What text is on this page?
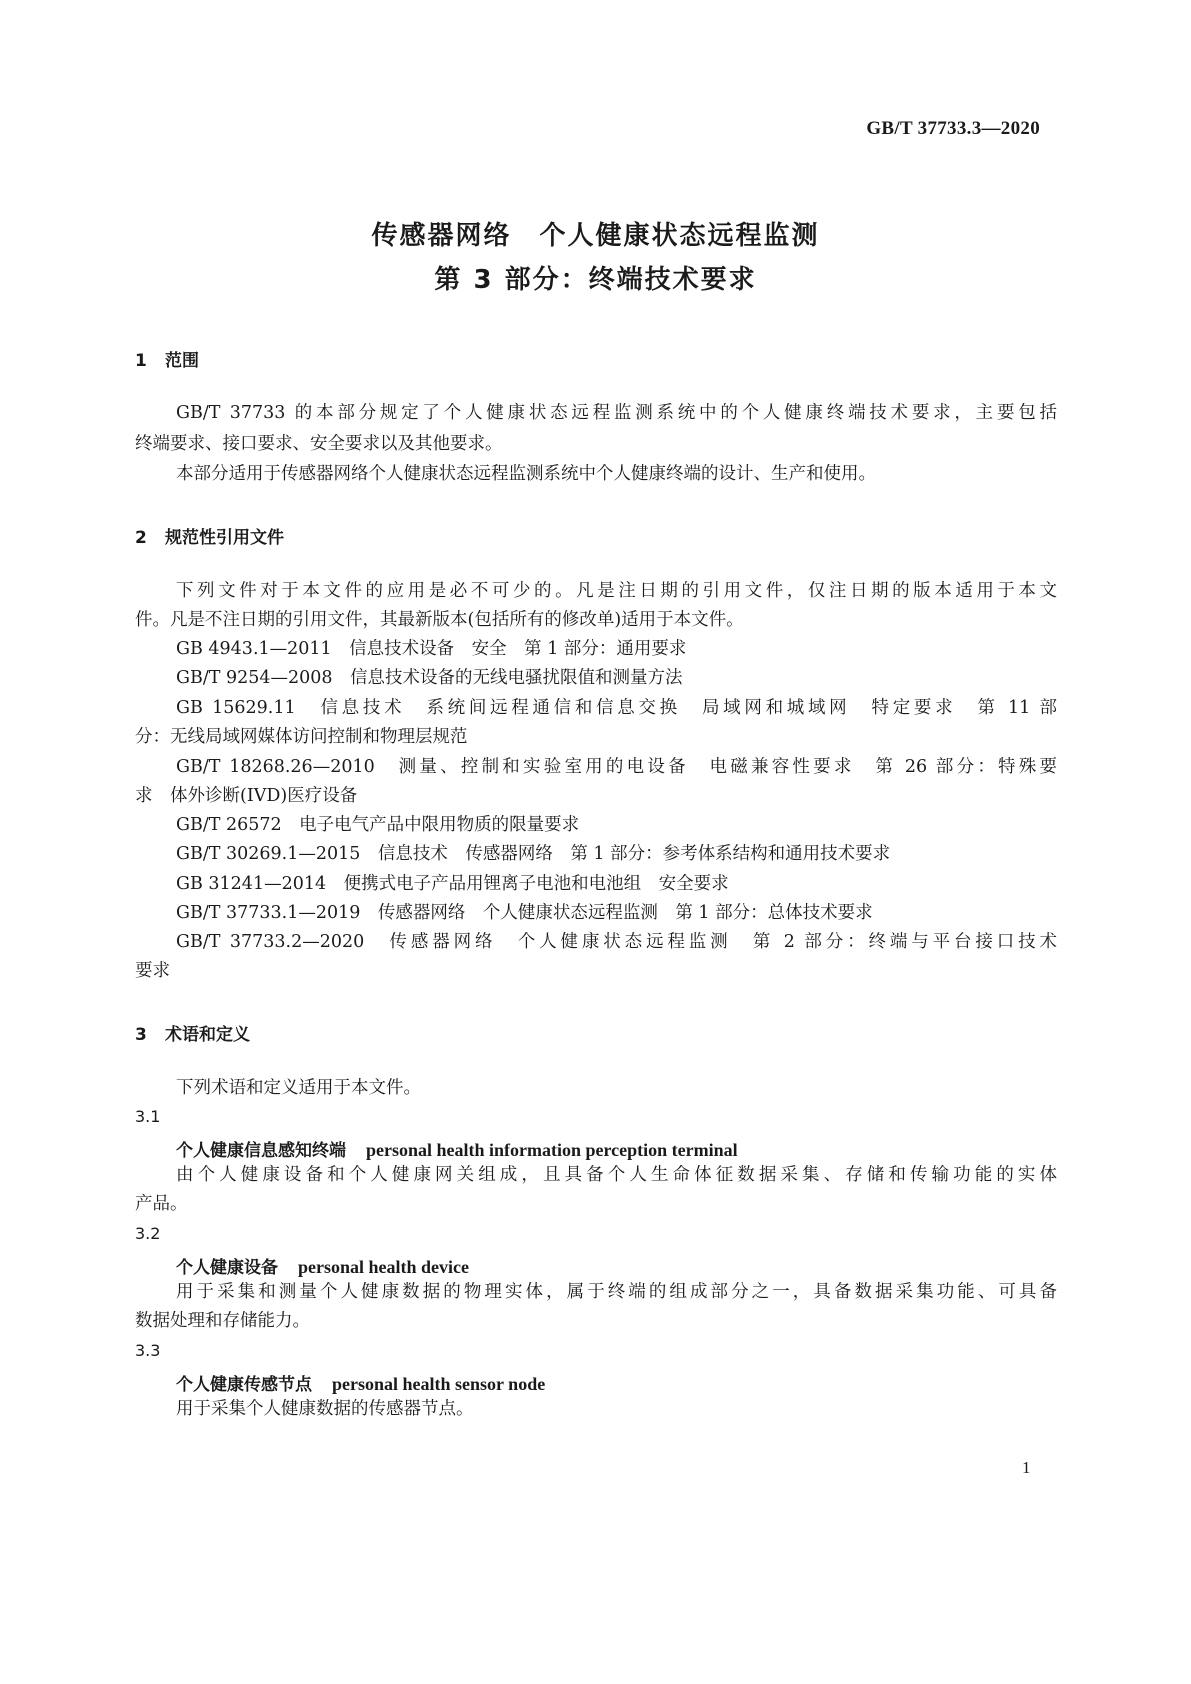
GB/T 37733.3—2020
传感器网络　个人健康状态远程监测
第 3 部分：终端技术要求
1 范围
GB/T 37733 的本部分规定了个人健康状态远程监测系统中的个人健康终端技术要求，主要包括
终端要求、接口要求、安全要求以及其他要求。
本部分适用于传感器网络个人健康状态远程监测系统中个人健康终端的设计、生产和使用。
2 规范性引用文件
下列文件对于本文件的应用是必不可少的。凡是注日期的引用文件，仅注日期的版本适用于本文
件。凡是不注日期的引用文件，其最新版本(包括所有的修改单)适用于本文件。
GB 4943.1—2011　信息技术设备　安全　第 1 部分：通用要求
GB/T 9254—2008　信息技术设备的无线电骚扰限值和测量方法
GB 15629.11　信息技术　系统间远程通信和信息交换　局域网和城域网　特定要求　第 11 部
分：无线局域网媒体访问控制和物理层规范
GB/T 18268.26—2010　测量、控制和实验室用的电设备　电磁兼容性要求　第 26 部分：特殊要
求　体外诊断(IVD)医疗设备
GB/T 26572　电子电气产品中限用物质的限量要求
GB/T 30269.1—2015　信息技术　传感器网络　第 1 部分：参考体系结构和通用技术要求
GB 31241—2014　便携式电子产品用锂离子电池和电池组　安全要求
GB/T 37733.1—2019　传感器网络　个人健康状态远程监测　第 1 部分：总体技术要求
GB/T 37733.2—2020　传感器网络　个人健康状态远程监测　第 2 部分：终端与平台接口技术
要求
3 术语和定义
下列术语和定义适用于本文件。
3.1
个人健康信息感知终端 personal health information perception terminal
由个人健康设备和个人健康网关组成，且具备个人生命体征数据采集、存储和传输功能的实体
产品。
3.2
个人健康设备 personal health device
用于采集和测量个人健康数据的物理实体，属于终端的组成部分之一，具备数据采集功能、可具备
数据处理和存储能力。
3.3
个人健康传感节点 personal health sensor node
用于采集个人健康数据的传感器节点。
1
